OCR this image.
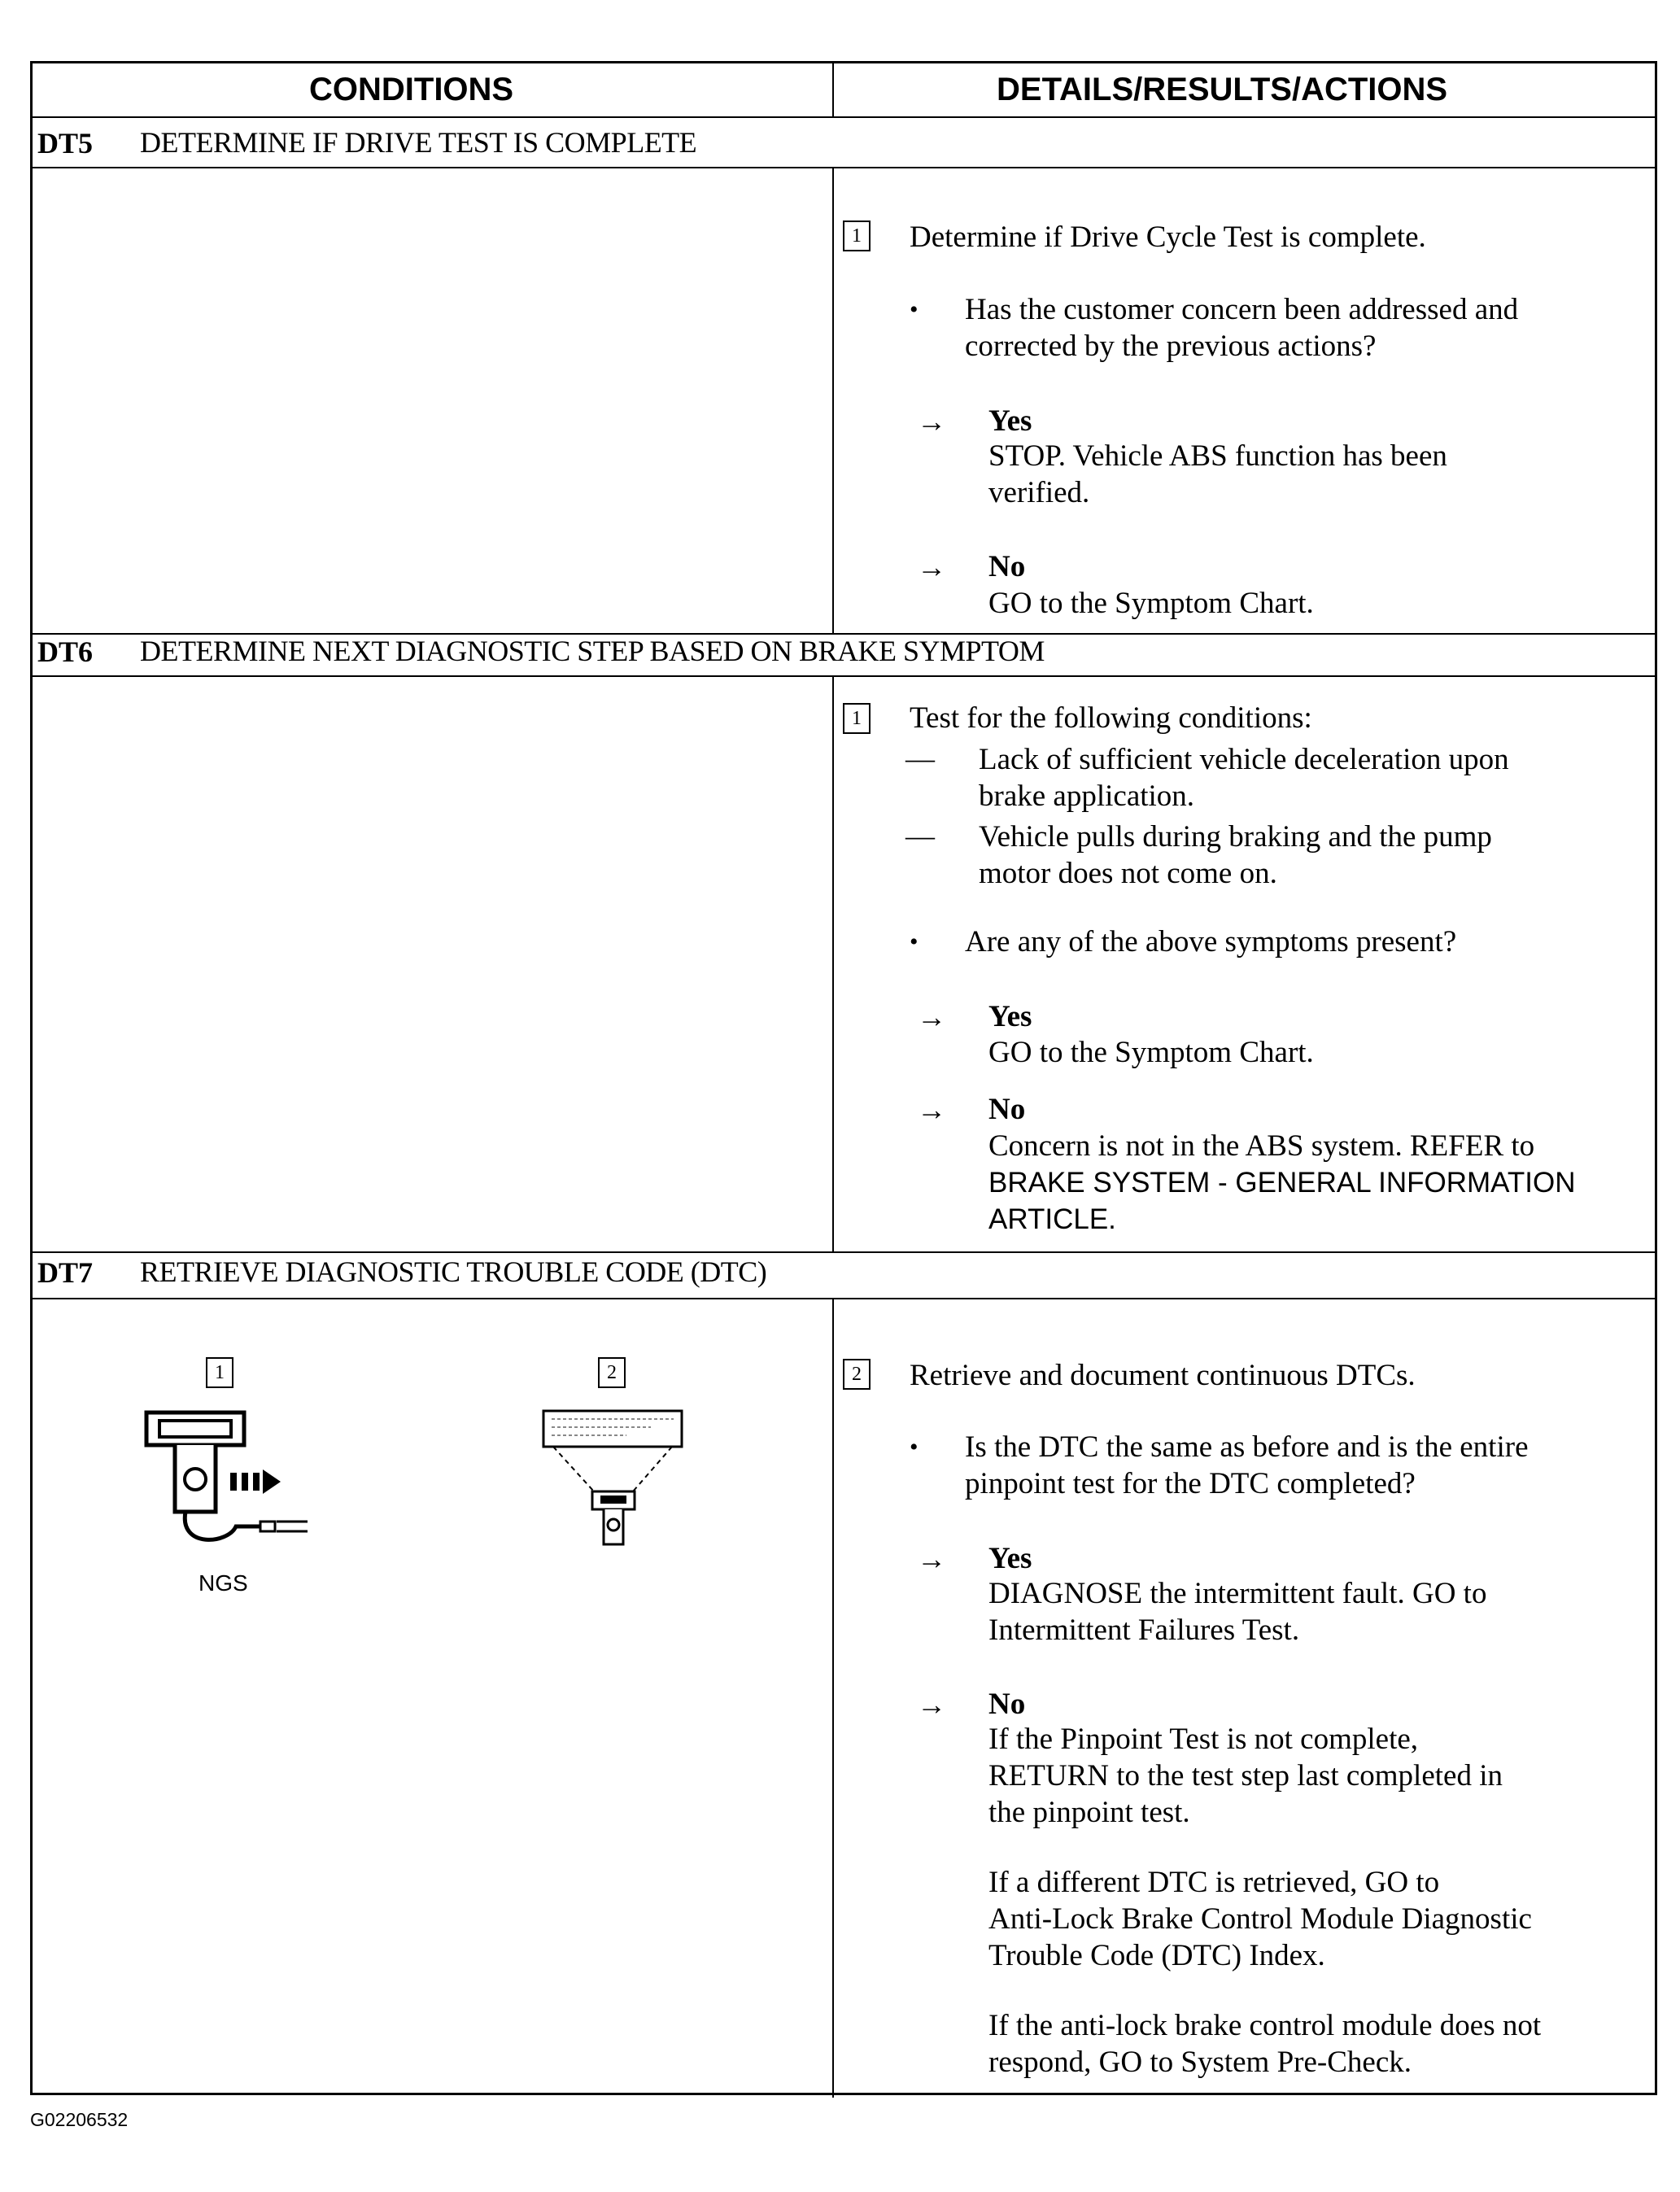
CONDITIONS	DETAILS/RESULTS/ACTIONS
DT5 DETERMINE IF DRIVE TEST IS COMPLETE
1 Determine if Drive Cycle Test is complete.
• Has the customer concern been addressed and
corrected by the previous actions?
→ Yes
STOP. Vehicle ABS function has been
verified.
→ No
GO to the Symptom Chart.
DT6 DETERMINE NEXT DIAGNOSTIC STEP BASED ON BRAKE SYMPTOM
1 Test for the following conditions:
— Lack of sufficient vehicle deceleration upon
brake application.
— Vehicle pulls during braking and the pump
motor does not come on.
• Are any of the above symptoms present?
→ Yes
GO to the Symptom Chart.
→ No
Concern is not in the ABS system. REFER to
BRAKE SYSTEM - GENERAL INFORMATION
ARTICLE.
DT7 RETRIEVE DIAGNOSTIC TROUBLE CODE (DTC)
1
NGS
2	2 Retrieve and document continuous DTCs.
• Is the DTC the same as before and is the entire
pinpoint test for the DTC completed?
→ Yes
DIAGNOSE the intermittent fault. GO to
Intermittent Failures Test.
→ No
If the Pinpoint Test is not complete,
RETURN to the test step last completed in
the pinpoint test.
If a different DTC is retrieved, GO to
Anti-Lock Brake Control Module Diagnostic
Trouble Code (DTC) Index.
If the anti-lock brake control module does not
respond, GO to System Pre-Check.
G02206532
